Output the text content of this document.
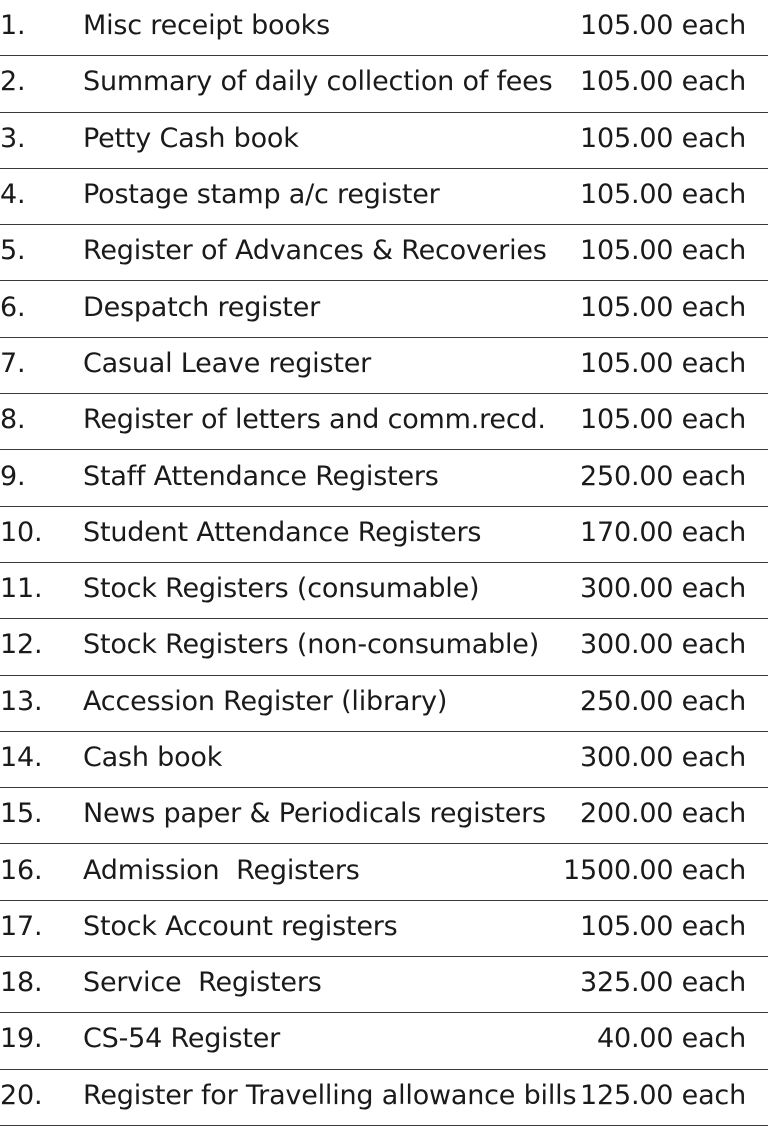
1.	Misc receipt books	105.00 each
2.	Summary of daily collection of fees	105.00 each
3.	Petty Cash book	105.00 each
4.	Postage stamp a/c register	105.00 each
5.	Register of Advances & Recoveries	105.00 each
6.	Despatch register	105.00 each
7.	Casual Leave register	105.00 each
8.	Register of letters and comm.recd.	105.00 each
9.	Staff Attendance Registers	250.00 each
10.	Student Attendance Registers	170.00 each
11.	Stock Registers (consumable)	300.00 each
12.	Stock Registers (non-consumable)	300.00 each
13.	Accession Register (library)	250.00 each
14.	Cash book	300.00 each
15.	News paper & Periodicals registers	200.00 each
16.	Admission  Registers	1500.00 each
17.	Stock Account registers	105.00 each
18.	Service  Registers	325.00 each
19.	CS-54 Register	40.00 each
20.	Register for Travelling allowance bills 125.00 each
